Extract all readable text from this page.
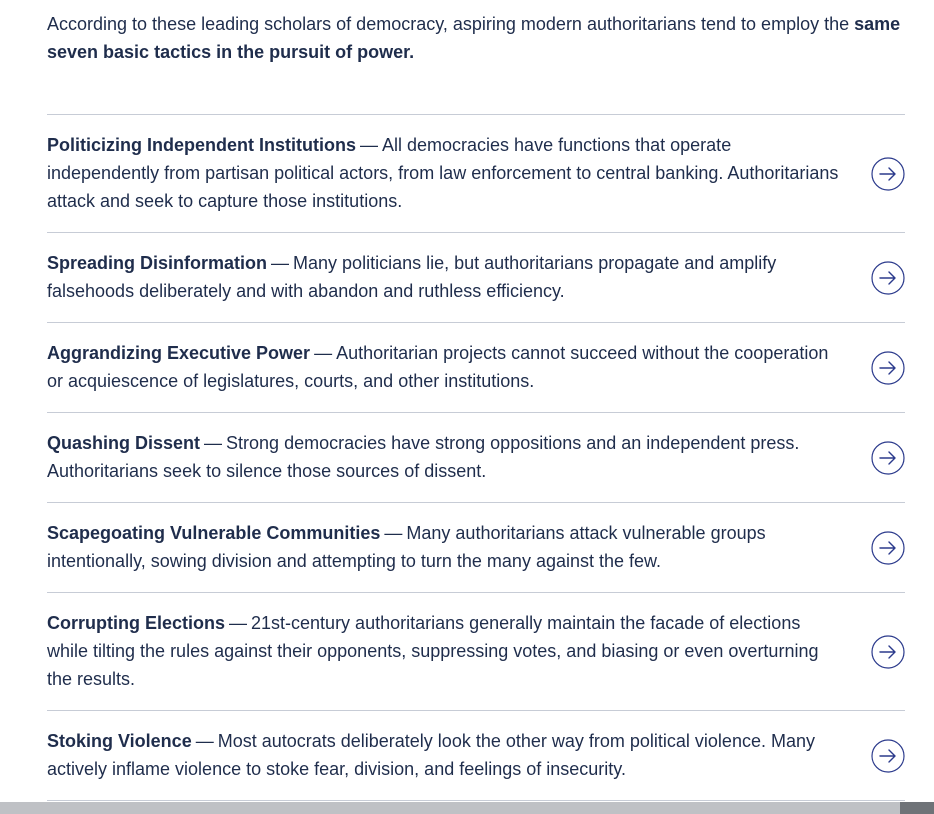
According to these leading scholars of democracy, aspiring modern authoritarians tend to employ the same seven basic tactics in the pursuit of power.

Politicizing Independent Institutions — All democracies have functions that operate independently from partisan political actors, from law enforcement to central banking. Authoritarians attack and seek to capture those institutions.
Spreading Disinformation — Many politicians lie, but authoritarians propagate and amplify falsehoods deliberately and with abandon and ruthless efficiency.
Aggrandizing Executive Power — Authoritarian projects cannot succeed without the cooperation or acquiescence of legislatures, courts, and other institutions.
Quashing Dissent — Strong democracies have strong oppositions and an independent press. Authoritarians seek to silence those sources of dissent.
Scapegoating Vulnerable Communities — Many authoritarians attack vulnerable groups intentionally, sowing division and attempting to turn the many against the few.
Corrupting Elections — 21st-century authoritarians generally maintain the facade of elections while tilting the rules against their opponents, suppressing votes, and biasing or even overturning the results.
Stoking Violence — Most autocrats deliberately look the other way from political violence. Many actively inflame violence to stoke fear, division, and feelings of insecurity.
